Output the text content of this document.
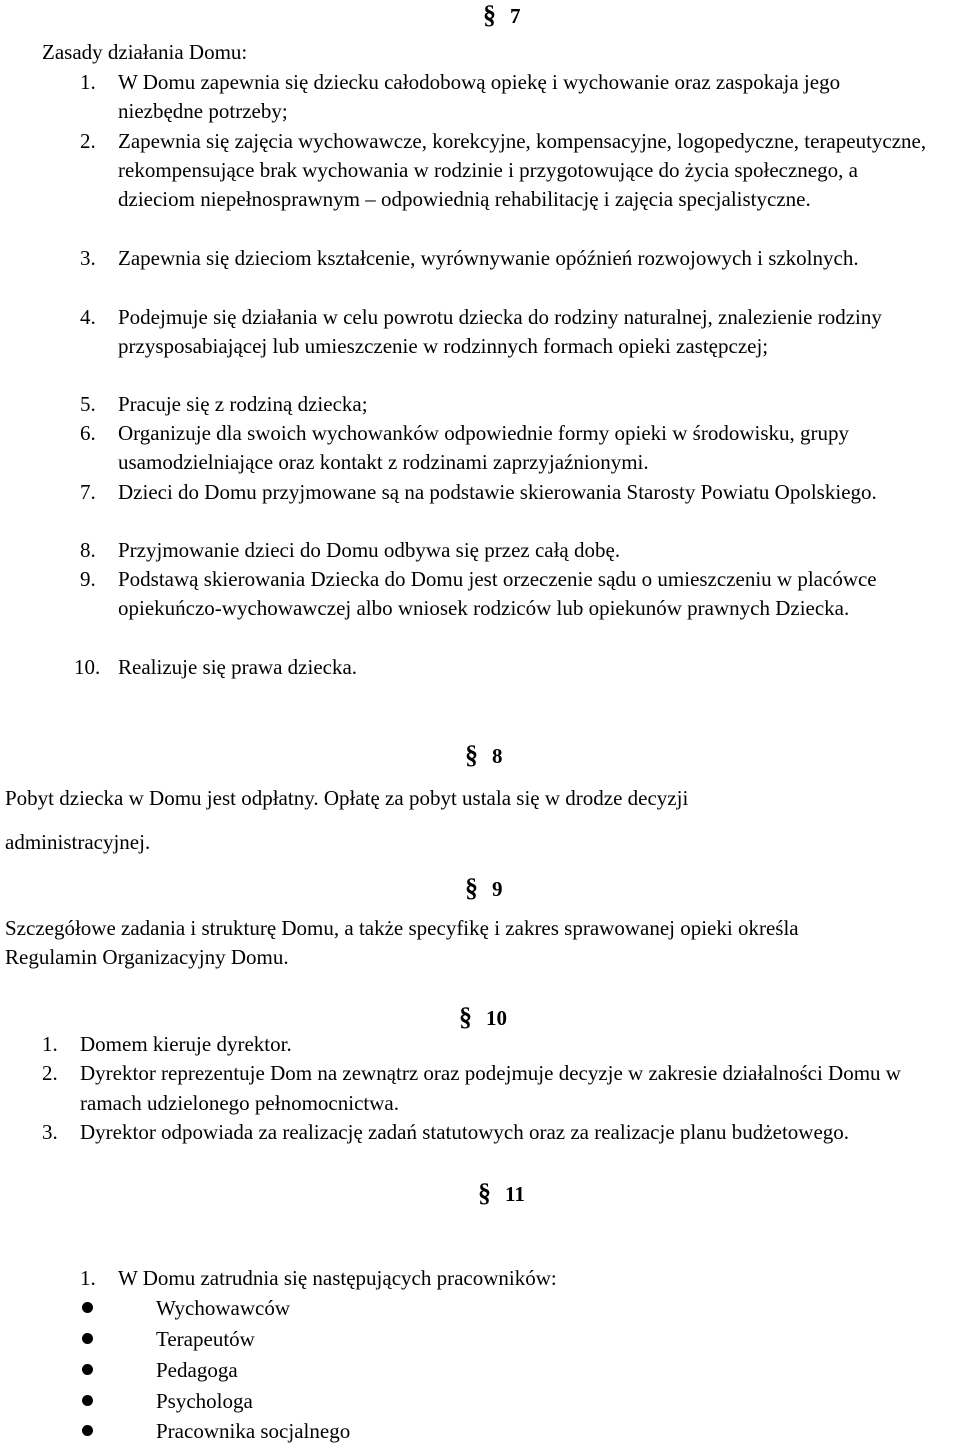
§ 7
Zasady działania Domu:
1. W Domu zapewnia się dziecku całodobową opiekę i wychowanie oraz zaspokaja jego niezbędne potrzeby;
2. Zapewnia się zajęcia wychowawcze, korekcyjne, kompensacyjne, logopedyczne, terapeutyczne, rekompensujące brak wychowania w rodzinie i przygotowujące do życia społecznego, a dzieciom niepełnosprawnym – odpowiednią rehabilitację i zajęcia specjalistyczne.
3. Zapewnia się dzieciom kształcenie, wyrównywanie opóźnień rozwojowych i szkolnych.
4. Podejmuje się działania w celu powrotu dziecka do rodziny naturalnej, znalezienie rodziny przysposabiającej lub umieszczenie w rodzinnych formach opieki zastępczej;
5. Pracuje się z rodziną dziecka;
6. Organizuje dla swoich wychowanków odpowiednie formy opieki w środowisku, grupy usamodzielniające oraz kontakt z rodzinami zaprzyjaźnionymi.
7. Dzieci do Domu przyjmowane są na podstawie skierowania Starosty Powiatu Opolskiego.
8. Przyjmowanie dzieci do Domu odbywa się przez całą dobę.
9. Podstawą skierowania Dziecka do Domu jest orzeczenie sądu o umieszczeniu w placówce opiekuńczo-wychowawczej albo wniosek rodziców lub opiekunów prawnych Dziecka.
10. Realizuje się prawa dziecka.
§ 8
Pobyt dziecka w Domu jest odpłatny. Opłatę za pobyt ustala się w drodze decyzji
administracyjnej.
§ 9
Szczegółowe zadania i strukturę Domu, a także specyfikę i zakres sprawowanej opieki określa
Regulamin Organizacyjny Domu.
§ 10
1. Domem kieruje dyrektor.
2. Dyrektor reprezentuje Dom na zewnątrz oraz podejmuje decyzje w zakresie działalności Domu w ramach udzielonego pełnomocnictwa.
3. Dyrektor odpowiada za realizację zadań statutowych oraz za realizacje planu budżetowego.
§ 11
1. W Domu zatrudnia się następujących pracowników:
Wychowawców
Terapeutów
Pedagoga
Psychologa
Pracownika socjalnego
